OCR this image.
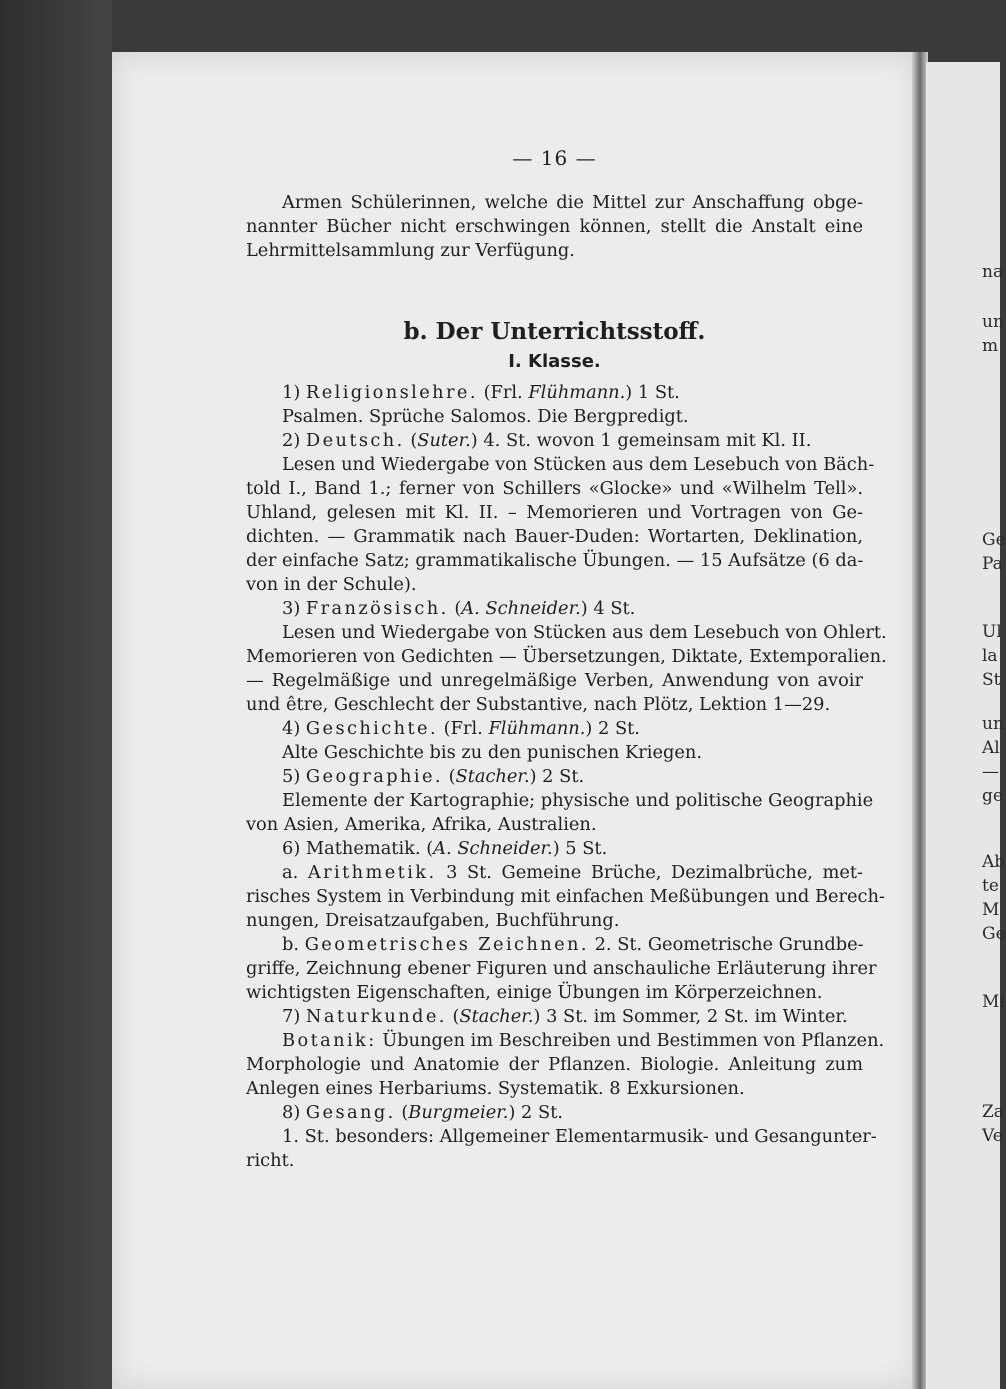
na
un
m
Ge
Pa
Ul
la
St
un
Al
—
ge
Ab
te
M
Ge
Mi
Za
Ve
— 16 —
Armen Schülerinnen, welche die Mittel zur Anschaffung obge-
nannter Bücher nicht erschwingen können, stellt die Anstalt eine
Lehrmittelsammlung zur Verfügung.
b. Der Unterrichtsstoff.
I. Klasse.
1) Religionslehre. (Frl. Flühmann.) 1 St.
Psalmen. Sprüche Salomos. Die Bergpredigt.
2) Deutsch. (Suter.) 4. St. wovon 1 gemeinsam mit Kl. II.
Lesen und Wiedergabe von Stücken aus dem Lesebuch von Bäch-
told I., Band 1.; ferner von Schillers «Glocke» und «Wilhelm Tell».
Uhland, gelesen mit Kl. II. – Memorieren und Vortragen von Ge-
dichten. — Grammatik nach Bauer-Duden: Wortarten, Deklination,
der einfache Satz; grammatikalische Übungen. — 15 Aufsätze (6 da-
von in der Schule).
3) Französisch. (A. Schneider.) 4 St.
Lesen und Wiedergabe von Stücken aus dem Lesebuch von Ohlert.
Memorieren von Gedichten — Übersetzungen, Diktate, Extemporalien.
— Regelmäßige und unregelmäßige Verben, Anwendung von avoir
und être, Geschlecht der Substantive, nach Plötz, Lektion 1—29.
4) Geschichte. (Frl. Flühmann.) 2 St.
Alte Geschichte bis zu den punischen Kriegen.
5) Geographie. (Stacher.) 2 St.
Elemente der Kartographie; physische und politische Geographie
von Asien, Amerika, Afrika, Australien.
6) Mathematik. (A. Schneider.) 5 St.
a. Arithmetik. 3 St. Gemeine Brüche, Dezimalbrüche, met-
risches System in Verbindung mit einfachen Meßübungen und Berech-
nungen, Dreisatzaufgaben, Buchführung.
b. Geometrisches Zeichnen. 2. St. Geometrische Grundbe-
griffe, Zeichnung ebener Figuren und anschauliche Erläuterung ihrer
wichtigsten Eigenschaften, einige Übungen im Körperzeichnen.
7) Naturkunde. (Stacher.) 3 St. im Sommer, 2 St. im Winter.
Botanik: Übungen im Beschreiben und Bestimmen von Pflanzen.
Morphologie und Anatomie der Pflanzen. Biologie. Anleitung zum
Anlegen eines Herbariums. Systematik. 8 Exkursionen.
8) Gesang. (Burgmeier.) 2 St.
1. St. besonders: Allgemeiner Elementarmusik- und Gesangunter-
richt.
